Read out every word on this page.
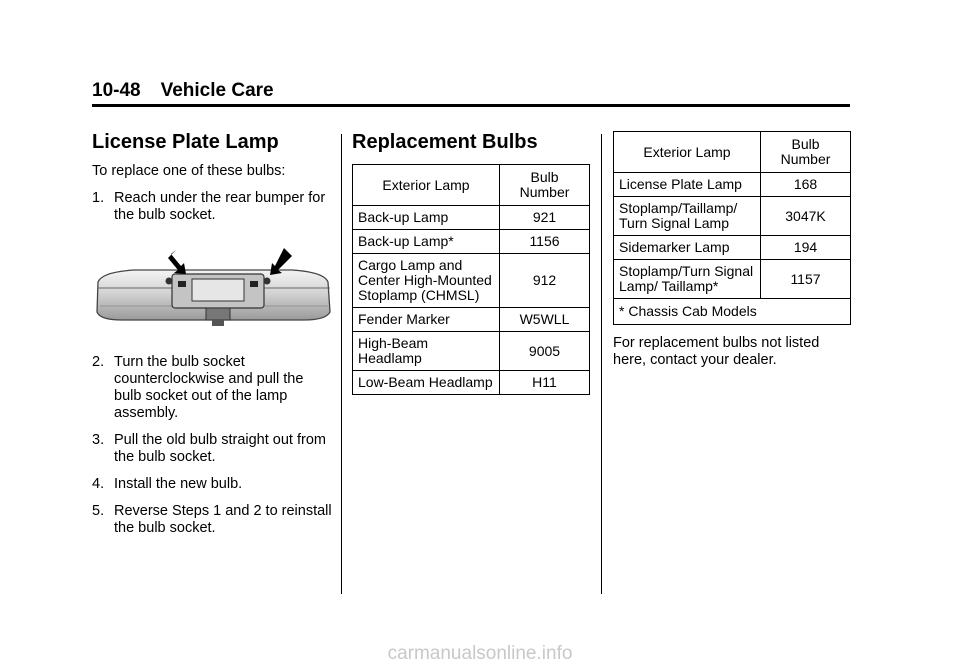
10-48 Vehicle Care
License Plate Lamp

To replace one of these bulbs:

1. Reach under the rear bumper for the bulb socket.
2. Turn the bulb socket counterclockwise and pull the bulb socket out of the lamp assembly.
3. Pull the old bulb straight out from the bulb socket.
4. Install the new bulb.
5. Reverse Steps 1 and 2 to reinstall the bulb socket.
Replacement Bulbs
Exterior Lamp	Bulb Number
Back-up Lamp	921
Back-up Lamp*	1156
Cargo Lamp and Center High-Mounted Stoplamp (CHMSL)	912
Fender Marker	W5WLL
High-Beam Headlamp	9005
Low-Beam Headlamp	H11
Exterior Lamp	Bulb Number
License Plate Lamp	168
Stoplamp/Taillamp/ Turn Signal Lamp	3047K
Sidemarker Lamp	194
Stoplamp/Turn Signal Lamp/ Taillamp*	1157
* Chassis Cab Models	

For replacement bulbs not listed here, contact your dealer.

carmanualsonline.info
